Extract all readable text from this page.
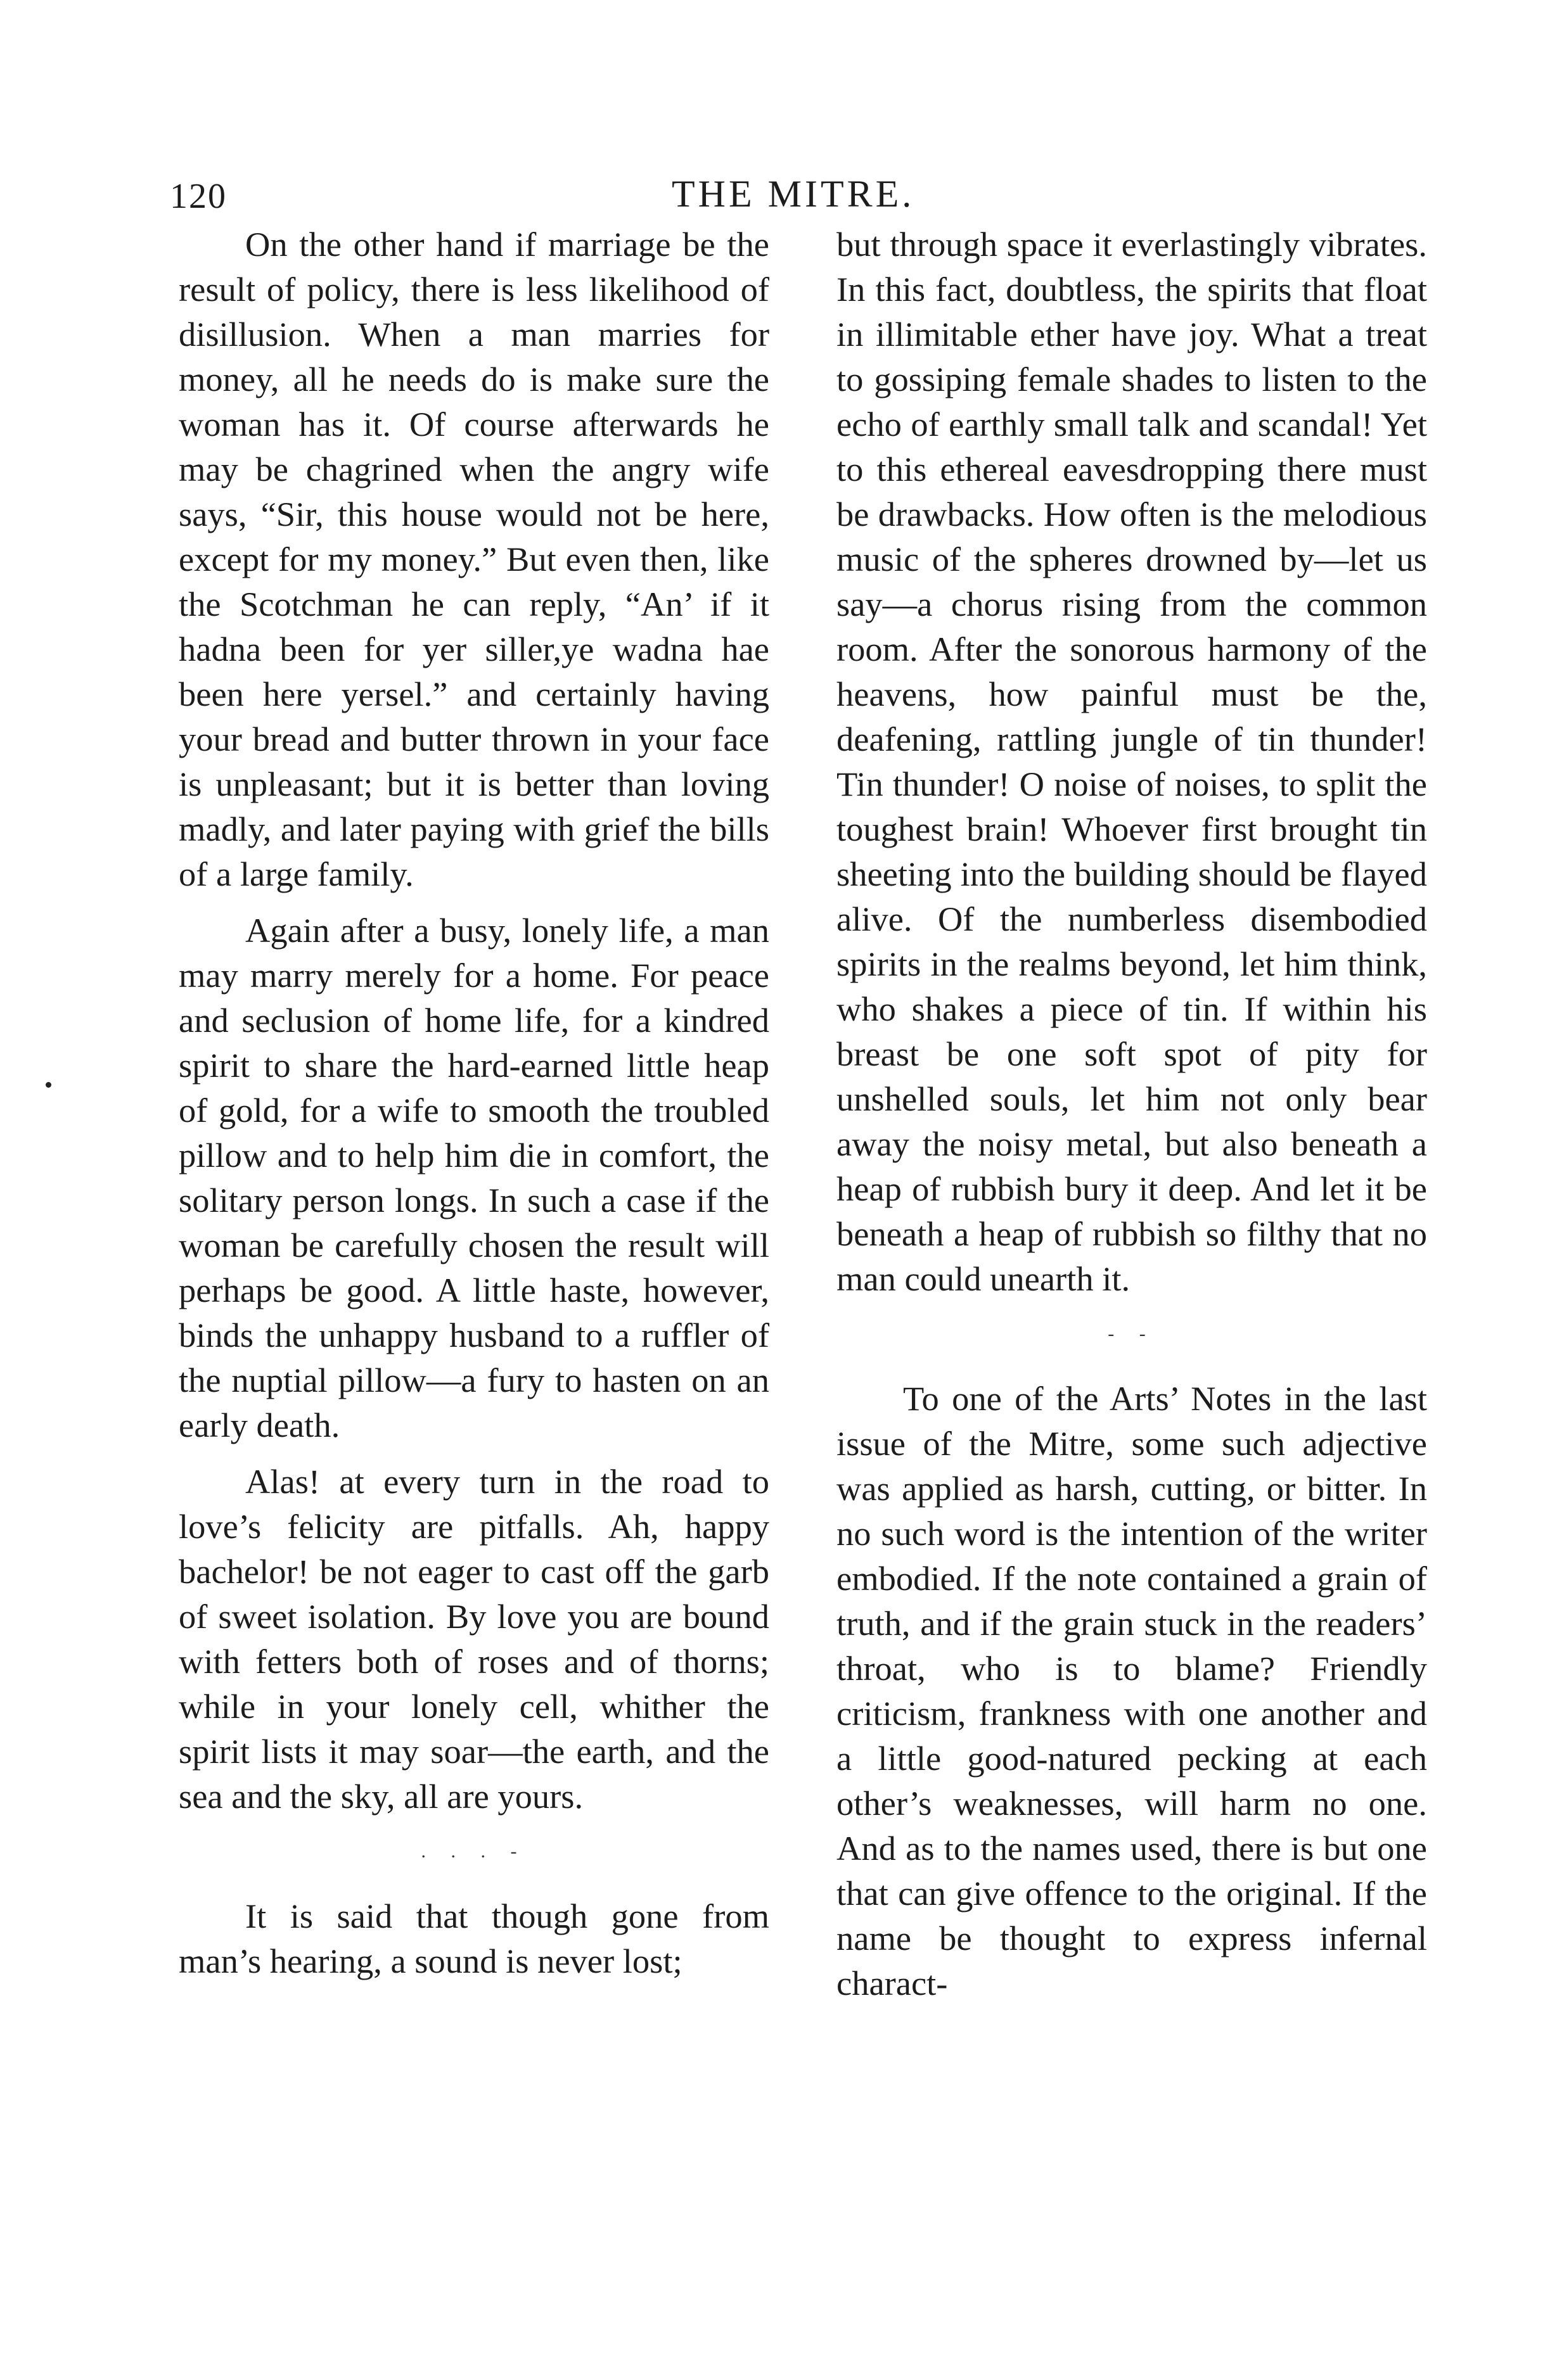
120	THE MITRE.

On the other hand if marriage be the result of policy, there is less likelihood of disillusion. When a man marries for money, all he needs do is make sure the woman has it. Of course afterwards he may be chagrined when the angry wife says, “Sir, this house would not be here, except for my money.” But even then, like the Scotchman he can reply, “An’ if it hadna been for yer siller,ye wadna hae been here yersel.” and certainly having your bread and butter thrown in your face is unpleasant; but it is better than loving madly, and later paying with grief the bills of a large family.

Again after a busy, lonely life, a man may marry merely for a home. For peace and seclusion of home life, for a kindred spirit to share the hard-earned little heap of gold, for a wife to smooth the troubled pillow and to help him die in comfort, the solitary person longs. In such a case if the woman be carefully chosen the result will perhaps be good. A little haste, however, binds the unhappy husband to a ruffler of the nuptial pillow—a fury to hasten on an early death.

Alas! at every turn in the road to love’s felicity are pitfalls. Ah, happy bachelor! be not eager to cast off the garb of sweet isolation. By love you are bound with fetters both of roses and of thorns; while in your lonely cell, whither the spirit lists it may soar—the earth, and the sea and the sky, all are yours.

. . . -

It is said that though gone from man’s hearing, a sound is never lost;

but through space it everlastingly vibrates. In this fact, doubtless, the spirits that float in illimitable ether have joy. What a treat to gossiping female shades to listen to the echo of earthly small talk and scandal! Yet to this ethereal eavesdropping there must be drawbacks. How often is the melodious music of the spheres drowned by—let us say—a chorus rising from the common room. After the sonorous harmony of the heavens, how painful must be the, deafening, rattling jungle of tin thunder! Tin thunder! O noise of noises, to split the toughest brain! Whoever first brought tin sheeting into the building should be flayed alive. Of the numberless disembodied spirits in the realms beyond, let him think, who shakes a piece of tin. If within his breast be one soft spot of pity for unshelled souls, let him not only bear away the noisy metal, but also beneath a heap of rubbish bury it deep. And let it be beneath a heap of rubbish so filthy that no man could unearth it.

- -

To one of the Arts’ Notes in the last issue of the Mitre, some such adjective was applied as harsh, cutting, or bitter. In no such word is the intention of the writer embodied. If the note contained a grain of truth, and if the grain stuck in the readers’ throat, who is to blame? Friendly criticism, frankness with one another and a little good-natured pecking at each other’s weaknesses, will harm no one. And as to the names used, there is but one that can give offence to the original. If the name be thought to express infernal charact-
